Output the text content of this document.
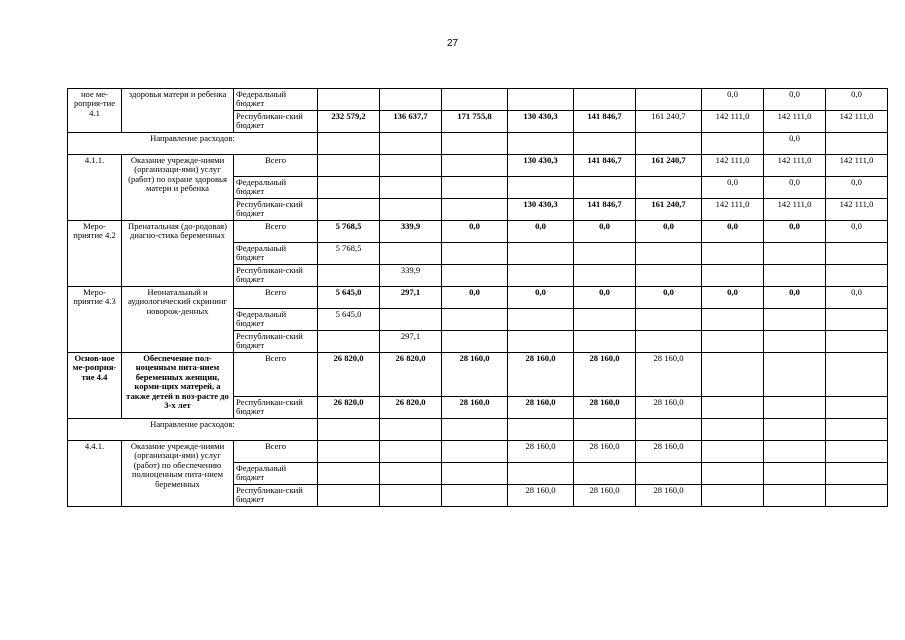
27
ное ме-роприя-тие 4.1	здоровья матери и ребенка	Федеральный бюджет							0,0	0,0	0,0
		Республикан-ский бюджет	232 579,2	136 637,7	171 755,8	130 430,3	141 846,7	161 240,7	142 111,0	142 111,0	142 111,0
Направление расходов:										0,0	
4.1.1.	Оказание учрежде-ниями (организаци-ями) услуг (работ) по охране здоровья матери и ребенка	Всего				130 430,3	141 846,7	161 240,7	142 111,0	142 111,0	142 111,0
		Федеральный бюджет							0,0	0,0	0,0
		Республикан-ский бюджет				130 430,3	141 846,7	161 240,7	142 111,0	142 111,0	142 111,0
Меро-приятие 4.2	Пренатальная (до-родовая) диагно-стика беременных	Всего	5 768,5	339,9	0,0	0,0	0,0	0,0	0,0	0,0	0,0
		Федеральный бюджет	5 768,5								
		Республикан-ский бюджет		339,9							
Меро-приятие 4.3	Неонатальный и аудиологический скрининг новорож-денных	Всего	5 645,0	297,1	0,0	0,0	0,0	0,0	0,0	0,0	0,0
		Федеральный бюджет	5 645,0								
		Республикан-ский бюджет		297,1							
Основ-ное ме-роприя-тие 4.4	Обеспечение пол-ноценным пита-нием беременных женщин, корми-щих матерей, а также детей в воз-расте до 3-х лет	Всего	26 820,0	26 820,0	28 160,0	28 160,0	28 160,0	28 160,0			
		Республикан-ский бюджет	26 820,0	26 820,0	28 160,0	28 160,0	28 160,0	28 160,0			
Направление расходов:											
4.4.1.	Оказание учрежде-ниями (организаци-ями) услуг (работ) по обеспечению полноценным пита-нием беременных	Всего				28 160,0	28 160,0	28 160,0			
		Федеральный бюджет									
		Республикан-ский бюджет				28 160,0	28 160,0	28 160,0			
